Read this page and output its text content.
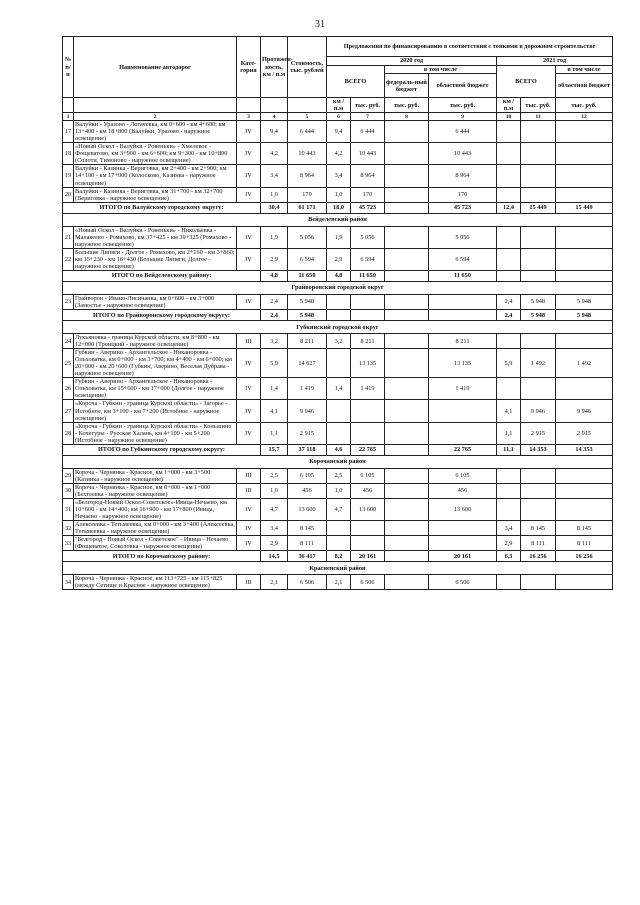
31
№ п/п	Наименование автодорог	Кате-гория	Протяжен-ность, км / п.м	Стоимость, тыс. рублей	Предложения по финансированию в соответствии с тонкими в дорожном строительстве						
					2020 год				2021 год		
					ВСЕГО		в том числе		ВСЕГО		в том числе
							федераль-ный бюджет	областной бюджет			областной бюджет
					км / п.м	тыс. руб.	тыс. руб.	тыс. руб.	км / п.м	тыс. руб.	тыс. руб.
1	2	3	4	5	6	7	8	9	10	11	12
17	Валуйки - Уразово - Логачевка, км 0+600 - км 4+600; км 13+400 - км 18+800 (Валуйки, Уразово - наружное освещение)	IV	9,4	6 444	9,4	6 444		6 444			
18	«Новый Оскол - Валуйки - Ровеньки» - Хмелевое - Фощеватово, км 3+900 - км 6+600; км 9+300 - км 10+800 (Солоти, Тимоново - наружное освещение)	IV	4,2	10 443	4,2	10 443		10 443			
19	Валуйки - Казинка - Вериговка, км 2+400 - км 2+900; км 14+100 - км 17+000 (Колосково, Казинка - наружное освещение)	IV	3,4	8 964	3,4	8 964		8 964			
20	Валуйки - Казинка - Вериговка, км 31+700 - км 32+700 (Вериговка - наружное освещение)	IV	1,0	170	1,0	170		170			
ИТОГО по Валуйскому городскому округу:			30,4	61 171	18,0	45 723		45 723	12,4	15 449	15 449
Вейделевский район											
21	«Новый Оскол - Валуйки - Ровеньки» - Никольевка - Малакеево - Ромахово, км 37+425 - км 39+325 (Ромахово - наружное освещение)	IV	1,9	5 056	1,9	5 056		5 056			
22	Большие Липяги - Долгое - Ромахово, км 2+160 - км 3+860; км 15+230 - км 16+430 (Большие Липяги, Долгое - наружное освещение)	IV	2,9	6 594	2,9	6 594		6 594			
ИТОГО по Вейделевскому району:			4,8	11 650	4,8	11 650		11 650			
Грайворонский городской округ											
23	Грайворон - Ивано-Лисичанка, км 0+600 - км 3+000 (Замостье - наружное освещение)	IV	2,4	5 948					2,4	5 948	5 948
ИТОГО по Грайворонскому городскому округу:			2,4	5 948					2,4	5 948	5 948
Губкинский городской округ											
24	Лукьяновка - граница Курской области, км 8+800 - км 12+000 (Троицкий - наружное освещение)	III	3,2	8 211	3,2	8 211		8 211			
25	Губкин - Аверино - Архангельское - Никаноровка - Ольховатка, км 0+000 - км 3+700; км 4+400 - км 6+000; км 20+000 - км 20+600 (Губкин, Аверино, Веселая Дубрава - наружное освещение)	IV	5,9	14 627		13 135		13 135	5,9	1 492	1 492
26	Губкин - Аверино - Архангельское - Никаноровка - Ольховатка, км 15+600 - км 17+000 (Долгое - наружное освещение)	IV	1,4	1 419	1,4	1 419		1 419			
27	«Короча - Губкин - граница Курской области» - Загорье - Истобное, км 3+100 - км 7+200 (Истобное - наружное освещение)	IV	4,1	9 946					4,1	9 946	9 946
28	«Короча - Губкин - граница Курской области» - Коньшино - Кочегуры - Русская Халань, км 4+100 - км 5+200 (Истобное - наружное освещение)	IV	1,1	2 915					1,1	2 915	2 915
ИТОГО по Губкинскому городскому округу:			15,7	37 118	4,6	22 765		22 765	11,1	14 353	14 353
Корочанский район											
29	Короча - Чернянка - Красное, км 1+000 - км 3+500 (Казинка - наружное освещение)	III	2,5	6 105	2,5	6 105		6 105			
30	Короча - Чернянка - Красное, км 0+000 - км 1+000 (Бехтеевка - наружное освещение)	III	1,0	456	1,0	456		456			
31	«Белгород-Новый Оскол-Советское»-Ивица-Нечаево, км 10+600 - км 14+400; км 16+900 - км 17+800 (Ивица, Нечаево - наружное освещение)	IV	4,7	13 600	4,7	13 600		13 600			
32	Алексеевка - Тетьмеевка, км 0+000 - км 3+400 (Алексеевка, Тетьмеевка - наружное освещение)	IV	3,4	8 145					3,4	8 145	8 145
33	"Белгород - Новый Оскол - Советское" - Ивица - Нечаево (Фощеватое, Соколовка - наружное освещение)	IV	2,9	8 111					2,9	8 111	8 111
ИТОГО по Корочанскому району:			14,5	36 417	8,2	20 161		20 161	6,3	16 256	16 256
Красненский район											
34	Короча - Чернянка - Красное, км 113+725 - км 115+825 (между Сетище и Красное - наружное освещение)	III	2,1	6 506	2,1	6 506		6 506			
